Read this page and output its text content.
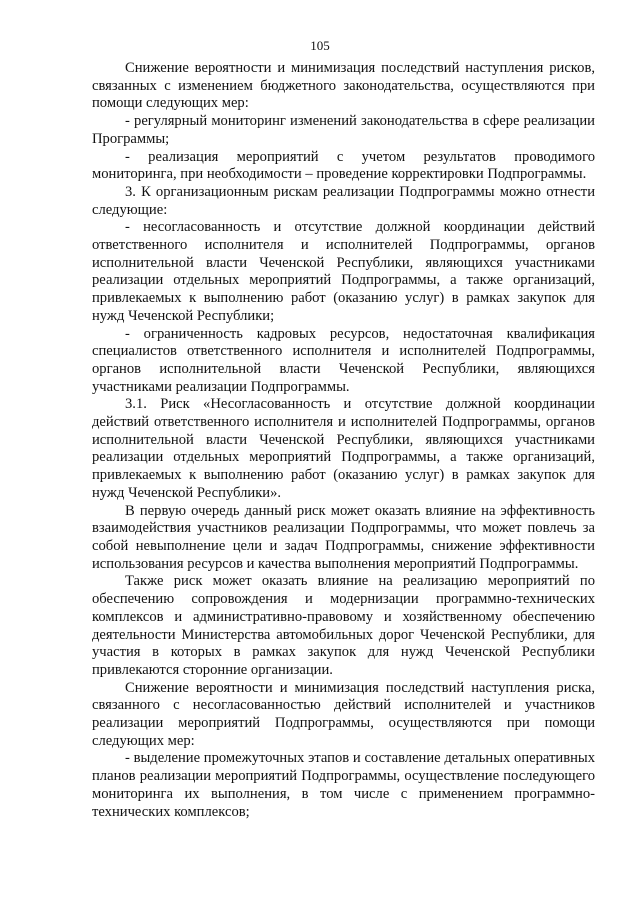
105

Снижение вероятности и минимизация последствий наступления рисков, связанных с изменением бюджетного законодательства, осуществляются при помощи следующих мер:

- регулярный мониторинг изменений законодательства в сфере реализации Программы;

- реализация мероприятий с учетом результатов проводимого мониторинга, при необходимости – проведение корректировки Подпрограммы.

3. К организационным рискам реализации Подпрограммы можно отнести следующие:

- несогласованность и отсутствие должной координации действий ответственного исполнителя и исполнителей Подпрограммы, органов исполнительной власти Чеченской Республики, являющихся участниками реализации отдельных мероприятий Подпрограммы, а также организаций, привлекаемых к выполнению работ (оказанию услуг) в рамках закупок для нужд Чеченской Республики;

- ограниченность кадровых ресурсов, недостаточная квалификация специалистов ответственного исполнителя и исполнителей Подпрограммы, органов исполнительной власти Чеченской Республики, являющихся участниками реализации Подпрограммы.

3.1. Риск «Несогласованность и отсутствие должной координации действий ответственного исполнителя и исполнителей Подпрограммы, органов исполнительной власти Чеченской Республики, являющихся участниками реализации отдельных мероприятий Подпрограммы, а также организаций, привлекаемых к выполнению работ (оказанию услуг) в рамках закупок для нужд Чеченской Республики».

В первую очередь данный риск может оказать влияние на эффективность взаимодействия участников реализации Подпрограммы, что может повлечь за собой невыполнение цели и задач Подпрограммы, снижение эффективности использования ресурсов и качества выполнения мероприятий Подпрограммы.

Также риск может оказать влияние на реализацию мероприятий по обеспечению сопровождения и модернизации программно-технических комплексов и административно-правовому и хозяйственному обеспечению деятельности Министерства автомобильных дорог Чеченской Республики, для участия в которых в рамках закупок для нужд Чеченской Республики привлекаются сторонние организации.

Снижение вероятности и минимизация последствий наступления риска, связанного с несогласованностью действий исполнителей и участников реализации мероприятий Подпрограммы, осуществляются при помощи следующих мер:

- выделение промежуточных этапов и составление детальных оперативных планов реализации мероприятий Подпрограммы, осуществление последующего мониторинга их выполнения, в том числе с применением программно-технических комплексов;
